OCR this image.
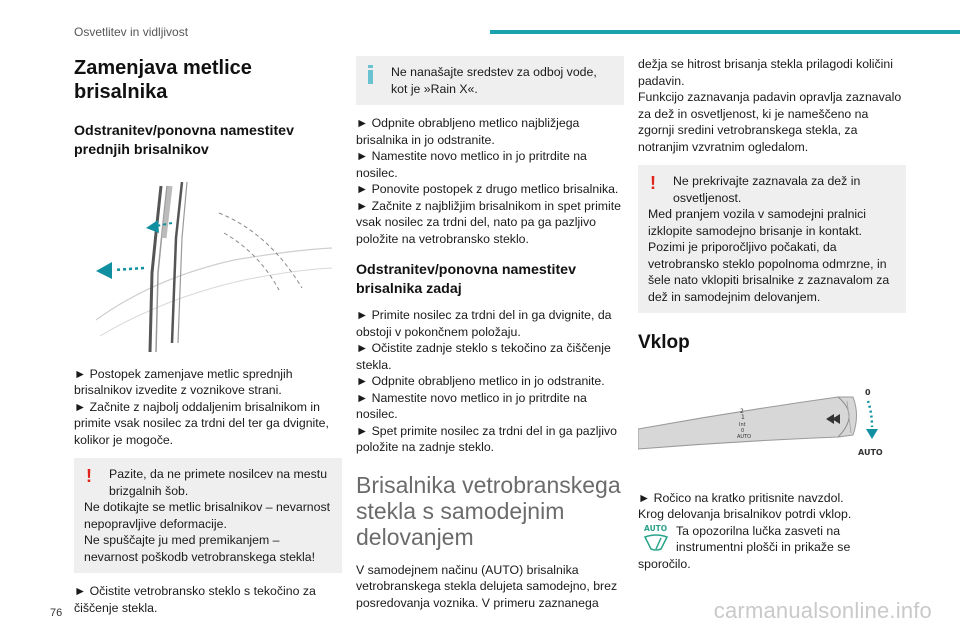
Osvetlitev in vidljivost
Zamenjava metlice brisalnika
Odstranitev/ponovna namestitev prednjih brisalnikov

► Postopek zamenjave metlic sprednjih brisalnikov izvedite z voznikove strani.

► Začnite z najbolj oddaljenim brisalnikom in primite vsak nosilec za trdni del ter ga dvignite, kolikor je mogoče.

!	Pazite, da ne primete nosilcev na mestu brizgalnih šob.

Ne dotikajte se metlic brisalnikov – nevarnost nepopravljive deformacije.

Ne spuščajte ju med premikanjem – nevarnost poškodb vetrobranskega stekla!

► Očistite vetrobransko steklo s tekočino za čiščenje stekla.

Ne nanašajte sredstev za odboj vode, kot je »Rain X«.

► Odpnite obrabljeno metlico najbližjega brisalnika in jo odstranite.

► Namestite novo metlico in jo pritrdite na nosilec.

► Ponovite postopek z drugo metlico brisalnika.

► Začnite z najbližjim brisalnikom in spet primite vsak nosilec za trdni del, nato pa ga pazljivo položite na vetrobransko steklo.

Odstranitev/ponovna namestitev brisalnika zadaj

► Primite nosilec za trdni del in ga dvignite, da obstoji v pokončnem položaju.

► Očistite zadnje steklo s tekočino za čiščenje stekla.

► Odpnite obrabljeno metlico in jo odstranite.

► Namestite novo metlico in jo pritrdite na nosilec.

► Spet primite nosilec za trdni del in ga pazljivo položite na zadnje steklo.

Brisalnika vetrobranskega stekla s samodejnim delovanjem

V samodejnem načinu (AUTO) brisalnika vetrobranskega stekla delujeta samodejno, brez posredovanja voznika. V primeru zaznanega

dežja se hitrost brisanja stekla prilagodi količini padavin.

Funkcijo zaznavanja padavin opravlja zaznavalo za dež in osvetljenost, ki je nameščeno na zgornji sredini vetrobranskega stekla, za notranjim vzvratnim ogledalom.

!	Ne prekrivajte zaznavala za dež in osvetljenost.

Med pranjem vozila v samodejni pralnici izklopite samodejno brisanje in kontakt.

Pozimi je priporočljivo počakati, da vetrobransko steklo popolnoma odmrzne, in šele nato vklopiti brisalnike z zaznavalom za dež in samodejnim delovanjem.

Vklop
2
1
Int
0
AUTO
0
AUTO

► Ročico na kratko pritisnite navzdol.

Krog delovanja brisalnikov potrdi vklop.

AUTO Ta opozorilna lučka zasveti na instrumentni plošči in prikaže se

sporočilo.

76	carmanualsonline.info
